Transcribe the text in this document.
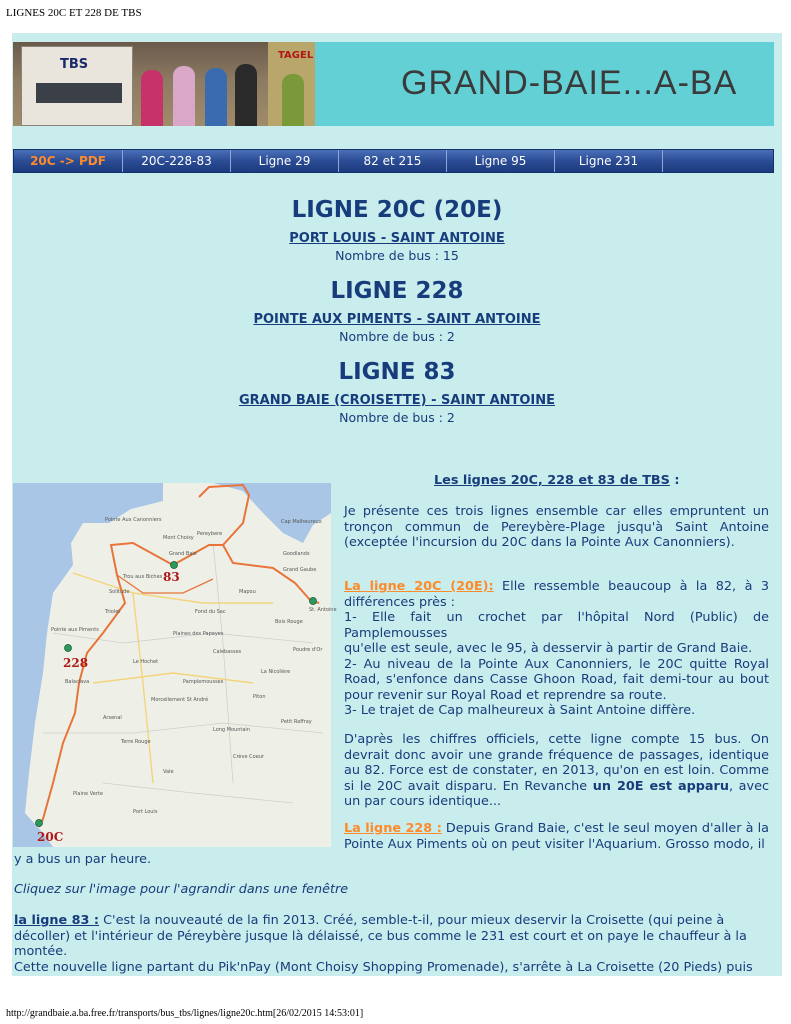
LIGNES 20C ET 228 DE TBS
TBS
TAGEL
GRAND-BAIE...A-BA
20C -> PDF	20C-228-83	Ligne 29	82 et 215	Ligne 95	Ligne 231
LIGNE 20C (20E)
PORT LOUIS - SAINT ANTOINE
Nombre de bus : 15
LIGNE 228
POINTE AUX PIMENTS - SAINT ANTOINE
Nombre de bus : 2
LIGNE 83
GRAND BAIE (CROISETTE) - SAINT ANTOINE
Nombre de bus : 2
Les lignes 20C, 228 et 83 de TBS :
83
228
20C
Pointe Aux Canonniers
Grand Baie
Pereybere
Goodlands
Cap Malheureux
Trou aux Biches
Triolet
Plaines des Papayes
Pamplemousses
Port Louis
St. Antoine
Poudre d'Or
Grand Gaube
Mapou
Piton
Morcellement St André
Arsenal
Terre Rouge
Long Mountain
Le Hochet
Calebasses
Balaclava
Mont Choisy
Solitude
Fond du Sac
Crève Coeur
Pointe aux Piments
Bois Rouge
La Nicolière
Petit Raffray
Vale
Plaine Verte
Je présente ces trois lignes ensemble car elles empruntent un tronçon commun de Pereybère-Plage jusqu'à Saint Antoine (exceptée l'incursion du 20C dans la Pointe Aux Canonniers).
La ligne 20C (20E): Elle ressemble beaucoup à la 82, à 3 différences près :
1- Elle fait un crochet par l'hôpital Nord (Public) de Pamplemousses
qu'elle est seule, avec le 95, à desservir à partir de Grand Baie.
2- Au niveau de la Pointe Aux Canonniers, le 20C quitte Royal Road, s'enfonce dans Casse Ghoon Road, fait demi-tour au bout pour revenir sur Royal Road et reprendre sa route.
3- Le trajet de Cap malheureux à Saint Antoine diffère.
D'après les chiffres officiels, cette ligne compte 15 bus. On devrait donc avoir une grande fréquence de passages, identique au 82. Force est de constater, en 2013, qu'on en est loin. Comme si le 20C avait disparu. En Revanche un 20E est apparu, avec un par cours identique...
La ligne 228 : Depuis Grand Baie, c'est le seul moyen d'aller à la Pointe Aux Piments où on peut visiter l'Aquarium. Grosso modo, il
y a bus un par heure.
Cliquez sur l'image pour l'agrandir dans une fenêtre
la ligne 83 : C'est la nouveauté de la fin 2013. Créé, semble-t-il, pour mieux deservir la Croisette (qui peine à décoller) et l'intérieur de Péreybère jusque là délaissé, ce bus comme le 231 est court et on paye le chauffeur à la montée.
Cette nouvelle ligne partant du Pik'nPay (Mont Choisy Shopping Promenade), s'arrête à La Croisette (20 Pieds) puis
http://grandbaie.a.ba.free.fr/transports/bus_tbs/lignes/ligne20c.htm[26/02/2015 14:53:01]
